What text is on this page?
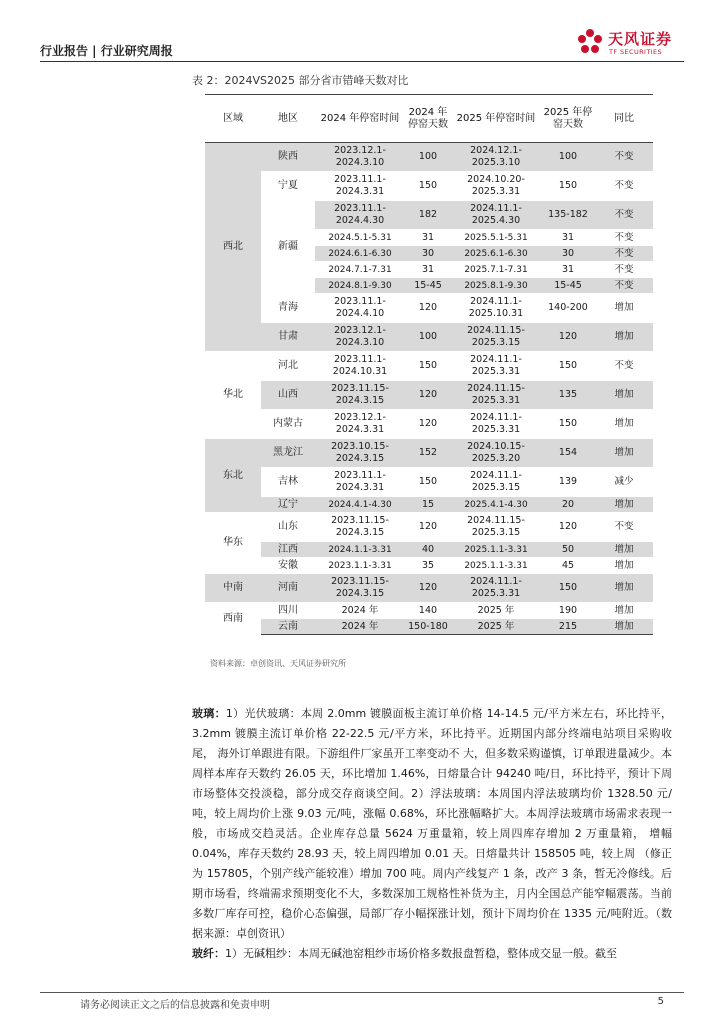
行业报告 | 行业研究周报
天风证券
TF SECURITIES
表 2：2024VS2025 部分省市错峰天数对比
区域	地区	2024 年停窑时间	2024 年停窑天数	2025 年停窑时间	2025 年停窑天数	同比
西北	陕西	2023.12.1-2024.3.10	100	2024.12.1-2025.3.10	100	不变
	宁夏	2023.11.1-2024.3.31	150	2024.10.20-2025.3.31	150	不变
	新疆	2023.11.1-2024.4.30	182	2024.11.1-2025.4.30	135-182	不变
		2024.5.1-5.31	31	2025.5.1-5.31	31	不变
		2024.6.1-6.30	30	2025.6.1-6.30	30	不变
		2024.7.1-7.31	31	2025.7.1-7.31	31	不变
		2024.8.1-9.30	15-45	2025.8.1-9.30	15-45	不变
	青海	2023.11.1-2024.4.10	120	2024.11.1-2025.10.31	140-200	增加
	甘肃	2023.12.1-2024.3.10	100	2024.11.15-2025.3.15	120	增加
华北	河北	2023.11.1-2024.10.31	150	2024.11.1-2025.3.31	150	不变
	山西	2023.11.15-2024.3.15	120	2024.11.15-2025.3.31	135	增加
	内蒙古	2023.12.1-2024.3.31	120	2024.11.1-2025.3.31	150	增加
东北	黑龙江	2023.10.15-2024.3.15	152	2024.10.15-2025.3.20	154	增加
	吉林	2023.11.1-2024.3.31	150	2024.11.1-2025.3.15	139	减少
	辽宁	2024.4.1-4.30	15	2025.4.1-4.30	20	增加
华东	山东	2023.11.15-2024.3.15	120	2024.11.15-2025.3.15	120	不变
	江西	2024.1.1-3.31	40	2025.1.1-3.31	50	增加
	安徽	2023.1.1-3.31	35	2025.1.1-3.31	45	增加
中南	河南	2023.11.15-2024.3.15	120	2024.11.1-2025.3.31	150	增加
西南	四川	2024 年	140	2025 年	190	增加
	云南	2024 年	150-180	2025 年	215	增加
资料来源：卓创资讯、天风证券研究所
玻璃：1）光伏玻璃：本周 2.0mm 镀膜面板主流订单价格 14-14.5 元/平方米左右，环比持平，3.2mm 镀膜主流订单价格 22-22.5 元/平方米，环比持平。近期国内部分终端电站项目采购收尾， 海外订单跟进有限。下游组件厂家虽开工率变动不 大，但多数采购谨慎，订单跟进量减少。本周样本库存天数约 26.05 天，环比增加 1.46%，日熔量合计 94240 吨/日，环比持平，预计下周市场整体交投淡稳，部分成交存商谈空间。2）浮法玻璃：本周国内浮法玻璃均价 1328.50 元/吨，较上周均价上涨 9.03 元/吨，涨幅 0.68%，环比涨幅略扩大。本周浮法玻璃市场需求表现一般，市场成交趋灵活。企业库存总量 5624 万重量箱，较上周四库存增加 2 万重量箱， 增幅 0.04%，库存天数约 28.93 天，较上周四增加 0.01 天。日熔量共计 158505 吨，较上周 （修正为 157805，个别产线产能较准）增加 700 吨。周内产线复产 1 条，改产 3 条，暂无冷修线。后期市场看，终端需求预期变化不大，多数深加工规格性补货为主，月内全国总产能窄幅震荡。当前多数厂库存可控，稳价心态偏强，局部厂存小幅探涨计划，预计下周均价在 1335 元/吨附近。（数据来源：卓创资讯）
玻纤：1）无碱粗纱：本周无碱池窑粗纱市场价格多数报盘暂稳，整体成交显一般。截至
请务必阅读正文之后的信息披露和免责申明	5
